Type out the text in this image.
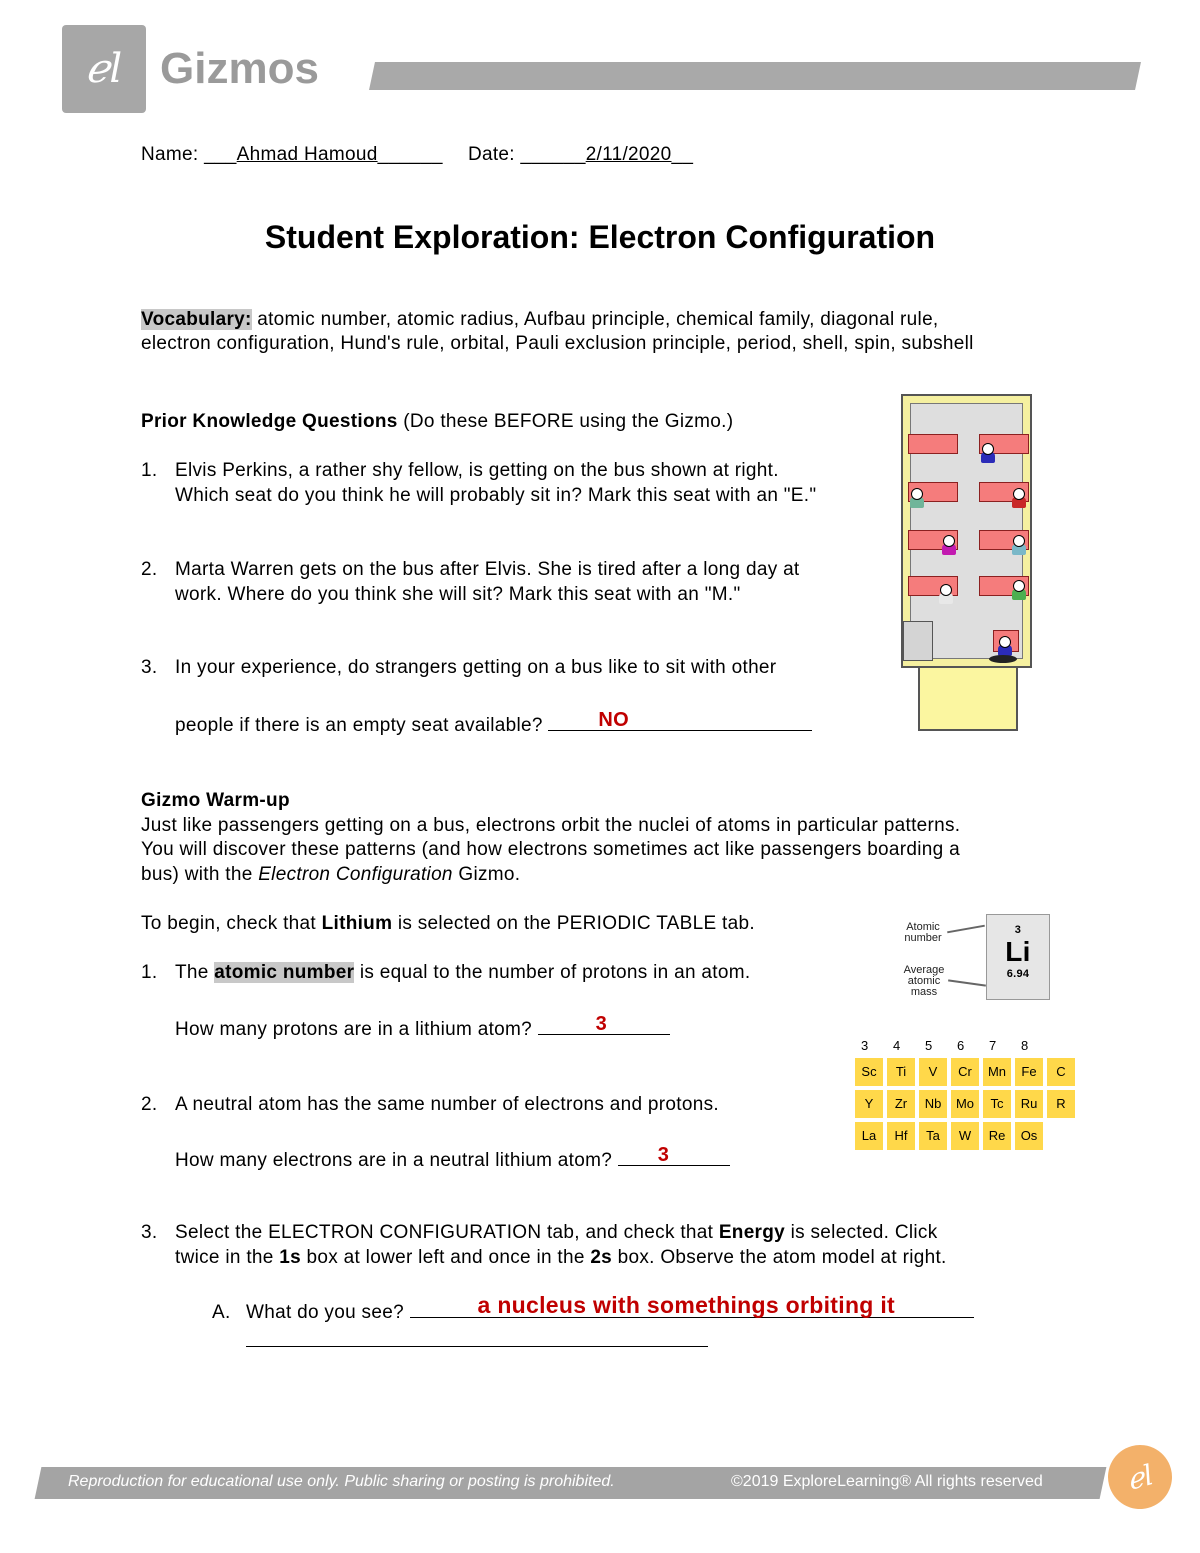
ℯl Gizmos
Name: ___Ahmad Hamoud______ Date: ______2/11/2020__
Student Exploration: Electron Configuration
Vocabulary: atomic number, atomic radius, Aufbau principle, chemical family, diagonal rule,
electron configuration, Hund's rule, orbital, Pauli exclusion principle, period, shell, spin, subshell
Prior Knowledge Questions (Do these BEFORE using the Gizmo.)
1. Elvis Perkins, a rather shy fellow, is getting on the bus shown at right.
Which seat do you think he will probably sit in? Mark this seat with an "E."
2. Marta Warren gets on the bus after Elvis. She is tired after a long day at
work. Where do you think she will sit? Mark this seat with an "M."
3. In your experience, do strangers getting on a bus like to sit with other
people if there is an empty seat available?	NO
Gizmo Warm-up
Just like passengers getting on a bus, electrons orbit the nuclei of atoms in particular patterns.
You will discover these patterns (and how electrons sometimes act like passengers boarding a
bus) with the Electron Configuration Gizmo.
To begin, check that Lithium is selected on the PERIODIC TABLE tab.
1. The atomic number is equal to the number of protons in an atom.
How many protons are in a lithium atom?	3
2. A neutral atom has the same number of electrons and protons.
How many electrons are in a neutral lithium atom? 3
3. Select the ELECTRON CONFIGURATION tab, and check that Energy is selected. Click
twice in the 1s box at lower left and once in the 2s box. Observe the atom model at right.
A. What do you see?	a nucleus with somethings orbiting it
Atomic
number
Average
atomic
mass
3
Li
6.94
3 4 5 6 7 8
Sc	Ti	V	Cr	Mn	Fe	C
Y	Zr	Nb	Mo	Tc	Ru	R
La	Hf	Ta	W	Re	Os
Reproduction for educational use only. Public sharing or posting is prohibited.	©2019 ExploreLearning® All rights reserved	ℯl
